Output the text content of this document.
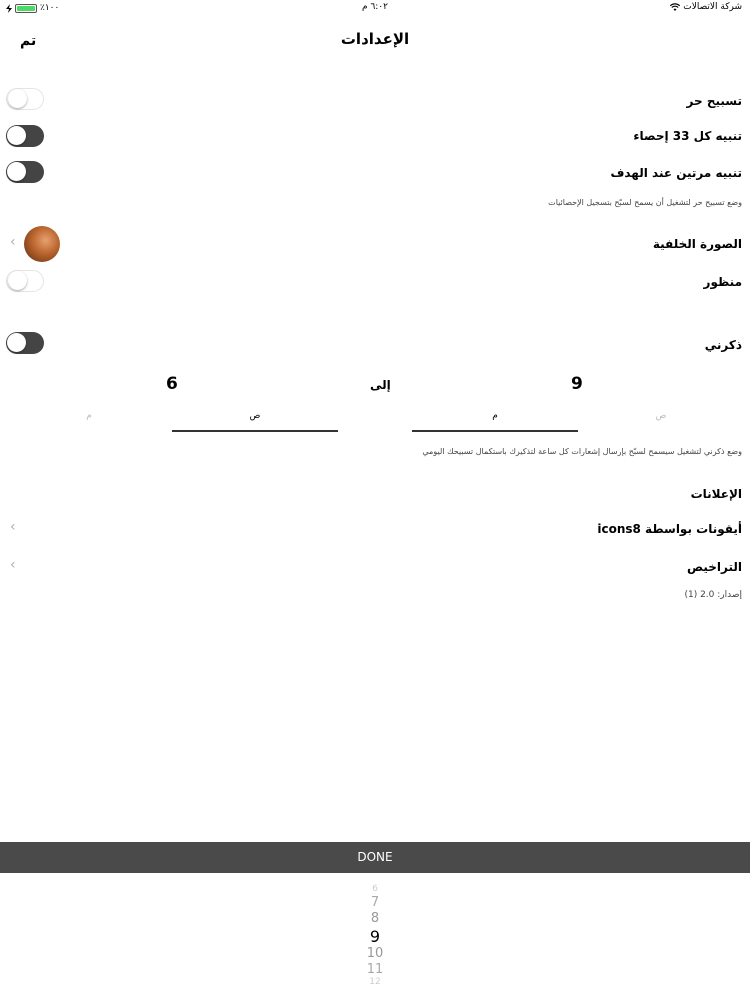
٪١٠٠	٦:٠٢ م	شركة الاتصالات
الإعدادات
تم
تسبيح حر
تنبيه كل 33 إحصاء
تنبيه مرتين عند الهدف
وضع تسبيح حر لتشغيل أن يسمح لسبّح بتسجيل الإحصائيات
الصورة الخلفية
‹
منظور
ذكرني
9
إلى
6
ص
م
ص
م
وضع ذكرني لتشغيل سيسمح لسبّح بإرسال إشعارات كل ساعة لتذكيرك باستكمال تسبيحك اليومي
الإعلانات
أيقونات بواسطة icons8
‹
التراخيص
‹
إصدار: 2.0 (1)
DONE
6
7
8
9
10
11
12
